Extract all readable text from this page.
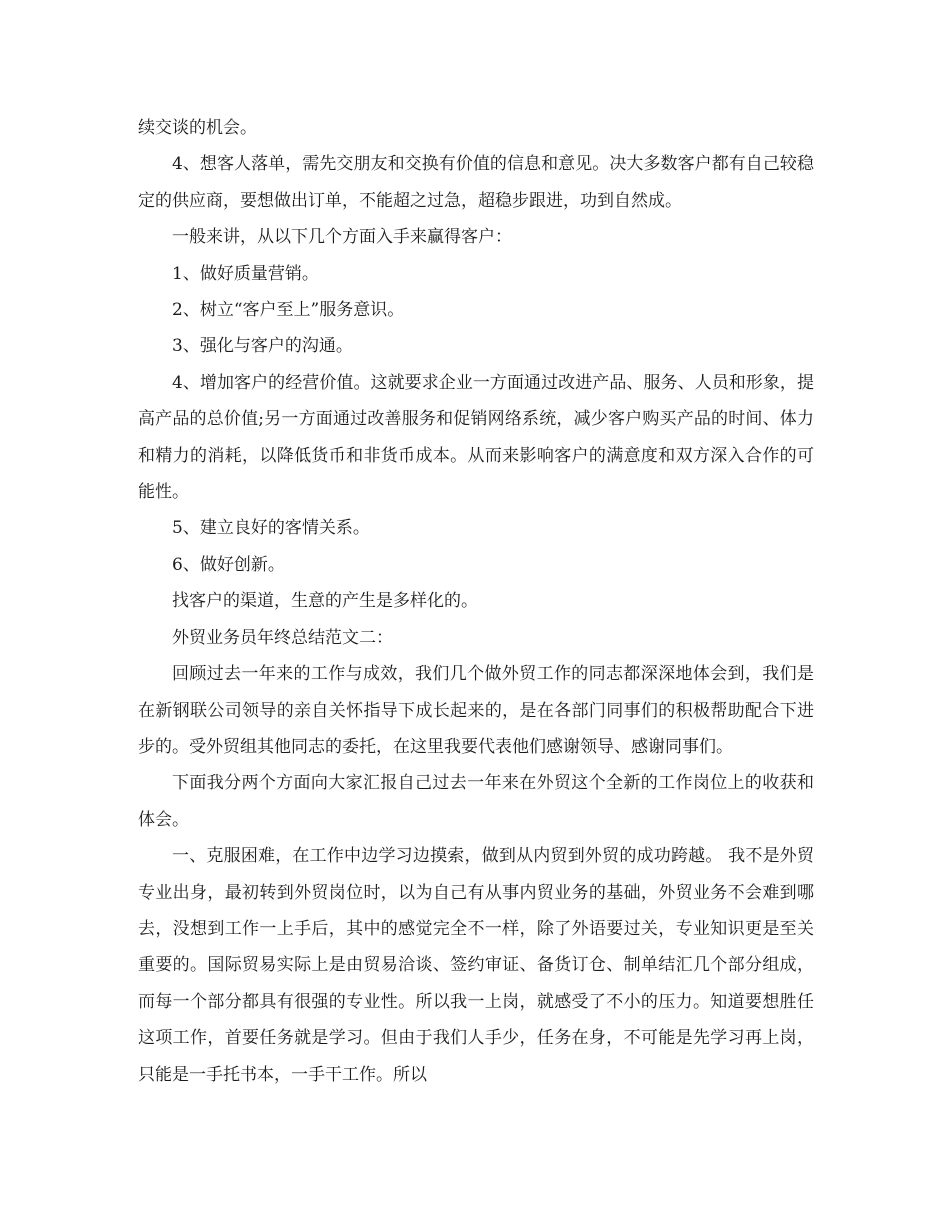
续交谈的机会。

4、想客人落单，需先交朋友和交换有价值的信息和意见。决大多数客户都有自己较稳定的供应商，要想做出订单，不能超之过急，超稳步跟进，功到自然成。

一般来讲，从以下几个方面入手来赢得客户：

1、做好质量营销。

2、树立“客户至上”服务意识。

3、强化与客户的沟通。

4、增加客户的经营价值。这就要求企业一方面通过改进产品、服务、人员和形象，提高产品的总价值;另一方面通过改善服务和促销网络系统，减少客户购买产品的时间、体力和精力的消耗，以降低货币和非货币成本。从而来影响客户的满意度和双方深入合作的可能性。

5、建立良好的客情关系。

6、做好创新。

找客户的渠道，生意的产生是多样化的。

外贸业务员年终总结范文二：

回顾过去一年来的工作与成效，我们几个做外贸工作的同志都深深地体会到，我们是在新钢联公司领导的亲自关怀指导下成长起来的，是在各部门同事们的积极帮助配合下进步的。受外贸组其他同志的委托，在这里我要代表他们感谢领导、感谢同事们。

下面我分两个方面向大家汇报自己过去一年来在外贸这个全新的工作岗位上的收获和体会。

一、克服困难，在工作中边学习边摸索，做到从内贸到外贸的成功跨越。 我不是外贸专业出身，最初转到外贸岗位时，以为自己有从事内贸业务的基础，外贸业务不会难到哪去，没想到工作一上手后，其中的感觉完全不一样，除了外语要过关，专业知识更是至关重要的。国际贸易实际上是由贸易洽谈、签约审证、备货订仓、制单结汇几个部分组成，而每一个部分都具有很强的专业性。所以我一上岗，就感受了不小的压力。知道要想胜任这项工作，首要任务就是学习。但由于我们人手少，任务在身，不可能是先学习再上岗，只能是一手托书本，一手干工作。所以
